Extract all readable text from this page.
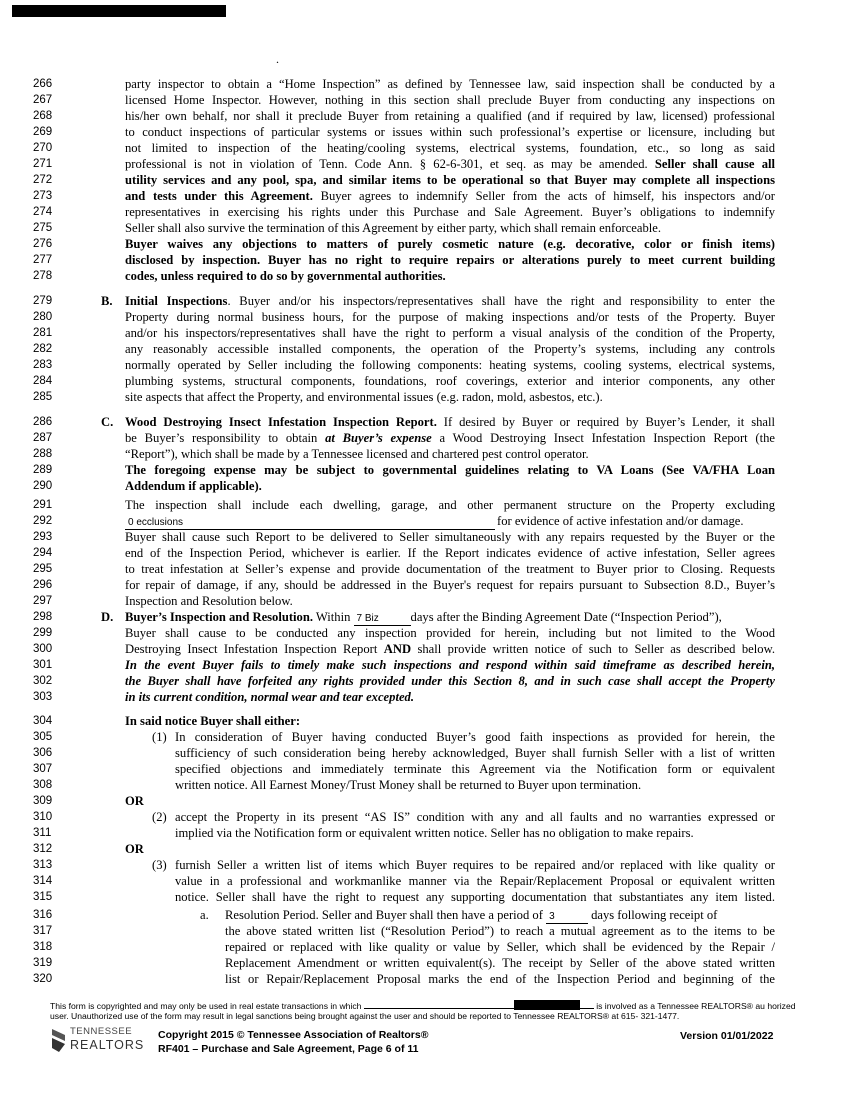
.
266
267
268
269
270
271
272
273
274
275
276
277
278
279
280
281
282
283
284
285
286
287
288
289
290
291
292
293
294
295
296
297
298
299
300
301
302
303
304
305
306
307
308
309
310
311
312
313
314
315
316
317
318
319
320
party inspector to obtain a “Home Inspection” as defined by Tennessee law, said inspection shall be conducted by a
licensed Home Inspector. However, nothing in this section shall preclude Buyer from conducting any inspections on
his/her own behalf, nor shall it preclude Buyer from retaining a qualified (and if required by law, licensed) professional
to conduct inspections of particular systems or issues within such professional’s expertise or licensure, including but
not limited to inspection of the heating/cooling systems, electrical systems, foundation, etc., so long as said
professional is not in violation of Tenn. Code Ann. § 62-6-301, et seq. as may be amended. Seller shall cause all
utility services and any pool, spa, and similar items to be operational so that Buyer may complete all inspections
and tests under this Agreement. Buyer agrees to indemnify Seller from the acts of himself, his inspectors and/or
representatives in exercising his rights under this Purchase and Sale Agreement. Buyer’s obligations to indemnify
Seller shall also survive the termination of this Agreement by either party, which shall remain enforceable.
Buyer waives any objections to matters of purely cosmetic nature (e.g. decorative, color or finish items)
disclosed by inspection. Buyer has no right to require repairs or alterations purely to meet current building
codes, unless required to do so by governmental authorities.
B. Initial Inspections. Buyer and/or his inspectors/representatives shall have the right and responsibility to enter the
Property during normal business hours, for the purpose of making inspections and/or tests of the Property. Buyer
and/or his inspectors/representatives shall have the right to perform a visual analysis of the condition of the Property,
any reasonably accessible installed components, the operation of the Property’s systems, including any controls
normally operated by Seller including the following components: heating systems, cooling systems, electrical systems,
plumbing systems, structural components, foundations, roof coverings, exterior and interior components, any other
site aspects that affect the Property, and environmental issues (e.g. radon, mold, asbestos, etc.).
C. Wood Destroying Insect Infestation Inspection Report. If desired by Buyer or required by Buyer’s Lender, it shall
be Buyer’s responsibility to obtain at Buyer’s expense a Wood Destroying Insect Infestation Inspection Report (the
“Report”), which shall be made by a Tennessee licensed and chartered pest control operator.
The foregoing expense may be subject to governmental guidelines relating to VA Loans (See VA/FHA Loan
Addendum if applicable).
The inspection shall include each dwelling, garage, and other permanent structure on the Property excluding
0 ecclusions	for evidence of active infestation and/or damage.
Buyer shall cause such Report to be delivered to Seller simultaneously with any repairs requested by the Buyer or the
end of the Inspection Period, whichever is earlier. If the Report indicates evidence of active infestation, Seller agrees
to treat infestation at Seller’s expense and provide documentation of the treatment to Buyer prior to Closing. Requests
for repair of damage, if any, should be addressed in the Buyer's request for repairs pursuant to Subsection 8.D., Buyer’s
Inspection and Resolution below.
D. Buyer’s Inspection and Resolution. Within 7 Biz	days after the Binding Agreement Date (“Inspection Period”),
Buyer shall cause to be conducted any inspection provided for herein, including but not limited to the Wood
Destroying Insect Infestation Inspection Report AND shall provide written notice of such to Seller as described below.
In the event Buyer fails to timely make such inspections and respond within said timeframe as described herein,
the Buyer shall have forfeited any rights provided under this Section 8, and in such case shall accept the Property
in its current condition, normal wear and tear excepted.
In said notice Buyer shall either:
(1) In consideration of Buyer having conducted Buyer’s good faith inspections as provided for herein, the
sufficiency of such consideration being hereby acknowledged, Buyer shall furnish Seller with a list of written
specified objections and immediately terminate this Agreement via the Notification form or equivalent
written notice. All Earnest Money/Trust Money shall be returned to Buyer upon termination.
OR
(2) accept the Property in its present “AS IS” condition with any and all faults and no warranties expressed or
implied via the Notification form or equivalent written notice. Seller has no obligation to make repairs.
OR
(3) furnish Seller a written list of items which Buyer requires to be repaired and/or replaced with like quality or
value in a professional and workmanlike manner via the Repair/Replacement Proposal or equivalent written
notice. Seller shall have the right to request any supporting documentation that substantiates any item listed.
a. Resolution Period. Seller and Buyer shall then have a period of 3	days following receipt of
the above stated written list (“Resolution Period”) to reach a mutual agreement as to the items to be
repaired or replaced with like quality or value by Seller, which shall be evidenced by the Repair /
Replacement Amendment or written equivalent(s). The receipt by Seller of the above stated written
list or Repair/Replacement Proposal marks the end of the Inspection Period and beginning of the
This form is copyrighted and may only be used in real estate transactions in which	is involved as a Tennessee REALTORS® au horized
user. Unauthorized use of the form may result in legal sanctions being brought against the user and should be reported to Tennessee REALTORS® at 615- 321-1477.
TENNESSEE
REALTORS
Copyright 2015 © Tennessee Association of Realtors®
RF401 – Purchase and Sale Agreement, Page 6 of 11
Version 01/01/2022
